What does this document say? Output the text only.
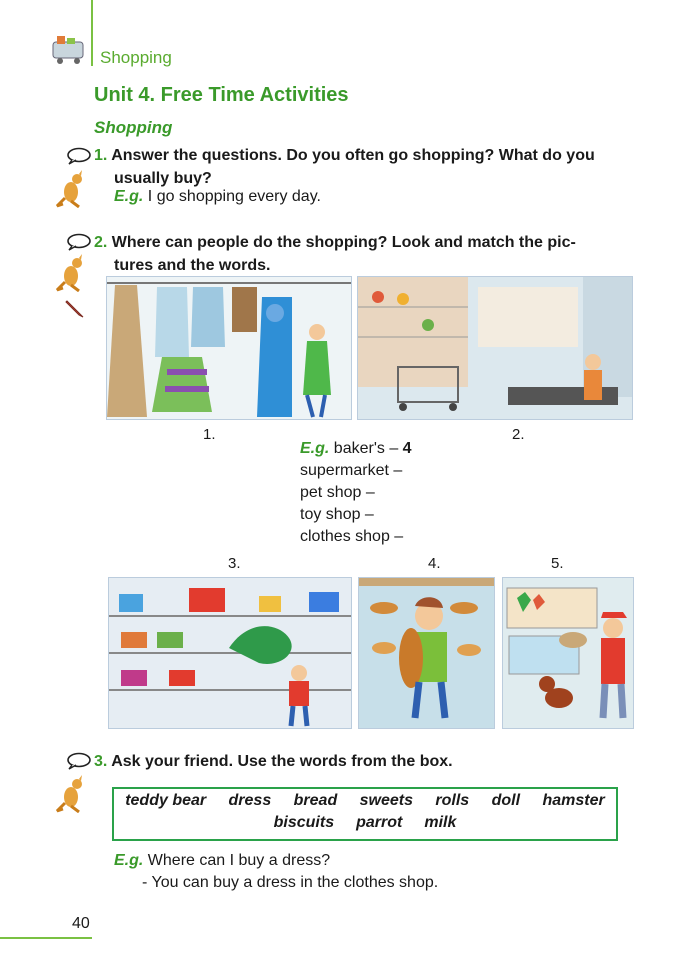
Shopping
Unit 4. Free Time Activities
Shopping
1. Answer the questions. Do you often go shopping? What do you
usually buy?
E.g. I go shopping every day.
2. Where can people do the shopping? Look and match the pic-
tures and the words.
1.	2.
E.g. baker's – 4
supermarket –
pet shop –
toy shop –
clothes shop –
3.	4.	5.
3. Ask your friend. Use the words from the box.
teddy bear dress bread sweets rolls doll hamster
biscuits parrot milk
E.g. Where can I buy a dress?
- You can buy a dress in the clothes shop.
40
